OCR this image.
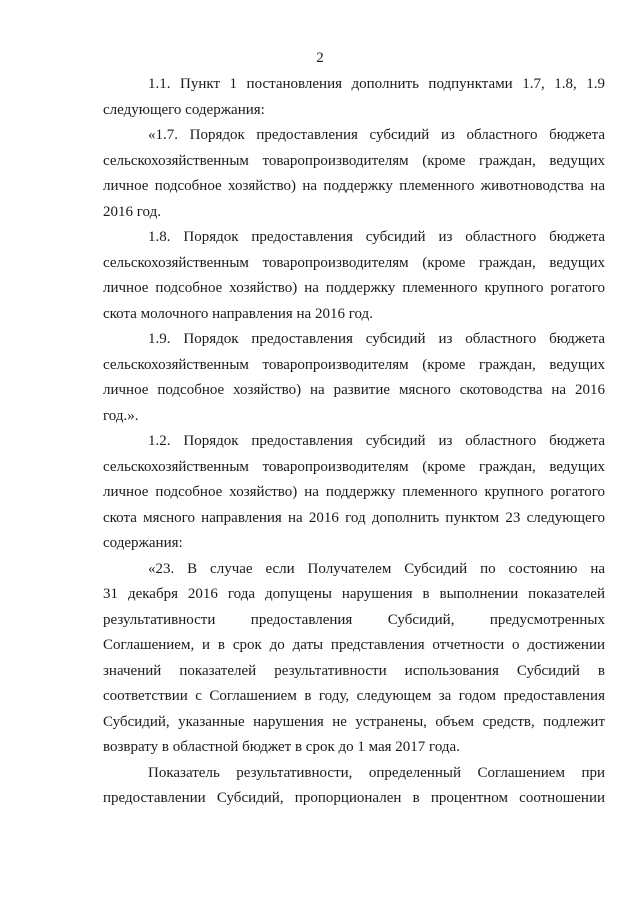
2
1.1. Пункт 1 постановления дополнить подпунктами 1.7, 1.8, 1.9
следующего содержания:
«1.7. Порядок предоставления субсидий из областного бюджета
сельскохозяйственным товаропроизводителям (кроме граждан, ведущих
личное подсобное хозяйство) на поддержку племенного животноводства на
2016 год.
1.8. Порядок предоставления субсидий из областного бюджета
сельскохозяйственным товаропроизводителям (кроме граждан, ведущих
личное подсобное хозяйство) на поддержку племенного крупного рогатого
скота молочного направления на 2016 год.
1.9. Порядок предоставления субсидий из областного бюджета
сельскохозяйственным товаропроизводителям (кроме граждан, ведущих
личное подсобное хозяйство) на развитие мясного скотоводства на 2016
год.».
1.2. Порядок предоставления субсидий из областного бюджета
сельскохозяйственным товаропроизводителям (кроме граждан, ведущих
личное подсобное хозяйство) на поддержку племенного крупного рогатого
скота мясного направления на 2016 год дополнить пунктом 23 следующего
содержания:
«23. В случае если Получателем Субсидий по состоянию на
31 декабря 2016 года допущены нарушения в выполнении показателей
результативности предоставления Субсидий, предусмотренных
Соглашением, и в срок до даты представления отчетности о достижении
значений показателей результативности использования Субсидий в
соответствии с Соглашением в году, следующем за годом предоставления
Субсидий, указанные нарушения не устранены, объем средств, подлежит
возврату в областной бюджет в срок до 1 мая 2017 года.
Показатель результативности, определенный Соглашением при
предоставлении Субсидий, пропорционален в процентном соотношении
